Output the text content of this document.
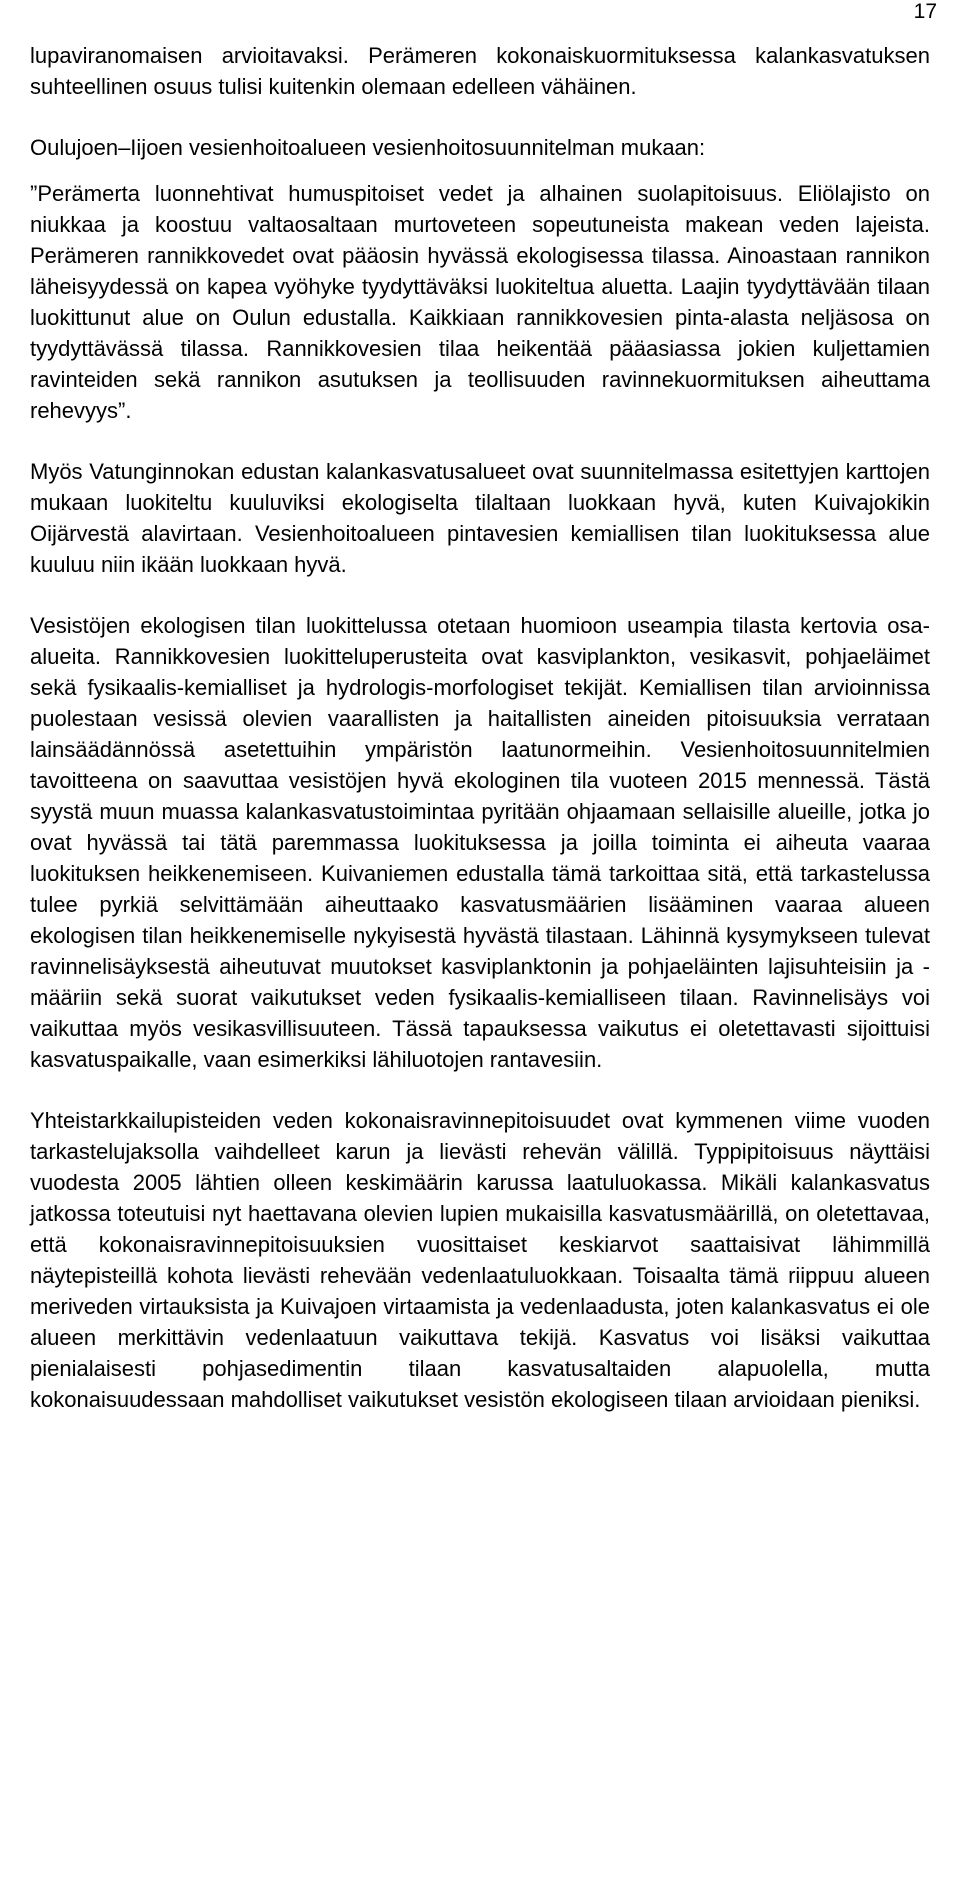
17

lupaviranomaisen arvioitavaksi. Perämeren kokonaiskuormituksessa kalankasvatuksen suhteellinen osuus tulisi kuitenkin olemaan edelleen vähäinen.

Oulujoen–Iijoen vesienhoitoalueen vesienhoitosuunnitelman mukaan:

”Perämerta luonnehtivat humuspitoiset vedet ja alhainen suolapitoisuus. Eliölajisto on niukkaa ja koostuu valtaosaltaan murtoveteen sopeutuneista makean veden lajeista. Perämeren rannikkovedet ovat pääosin hyvässä ekologisessa tilassa. Ainoastaan rannikon läheisyydessä on kapea vyöhyke tyydyttäväksi luokiteltua aluetta. Laajin tyydyttävään tilaan luokittunut alue on Oulun edustalla. Kaikkiaan rannikkovesien pinta-alasta neljäsosa on tyydyttävässä tilassa. Rannikkovesien tilaa heikentää pääasiassa jokien kuljettamien ravinteiden sekä rannikon asutuksen ja teollisuuden ravinnekuormituksen aiheuttama rehevyys”.

Myös Vatunginnokan edustan kalankasvatusalueet ovat suunnitelmassa esitettyjen karttojen mukaan luokiteltu kuuluviksi ekologiselta tilaltaan luokkaan hyvä, kuten Kuivajokikin Oijärvestä alavirtaan. Vesienhoitoalueen pintavesien kemiallisen tilan luokituksessa alue kuuluu niin ikään luokkaan hyvä.

Vesistöjen ekologisen tilan luokittelussa otetaan huomioon useampia tilasta kertovia osa-alueita. Rannikkovesien luokitteluperusteita ovat kasviplankton, vesikasvit, pohjaeläimet sekä fysikaalis-kemialliset ja hydrologis-morfologiset tekijät. Kemiallisen tilan arvioinnissa puolestaan vesissä olevien vaarallisten ja haitallisten aineiden pitoisuuksia verrataan lainsäädännössä asetettuihin ympäristön laatunormeihin. Vesienhoitosuunnitelmien tavoitteena on saavuttaa vesistöjen hyvä ekologinen tila vuoteen 2015 mennessä. Tästä syystä muun muassa kalankasvatustoimintaa pyritään ohjaamaan sellaisille alueille, jotka jo ovat hyvässä tai tätä paremmassa luokituksessa ja joilla toiminta ei aiheuta vaaraa luokituksen heikkenemiseen. Kuivaniemen edustalla tämä tarkoittaa sitä, että tarkastelussa tulee pyrkiä selvittämään aiheuttaako kasvatusmäärien lisääminen vaaraa alueen ekologisen tilan heikkenemiselle nykyisestä hyvästä tilastaan. Lähinnä kysymykseen tulevat ravinnelisäyksestä aiheutuvat muutokset kasviplanktonin ja pohjaeläinten lajisuhteisiin ja -määriin sekä suorat vaikutukset veden fysikaalis-kemialliseen tilaan. Ravinnelisäys voi vaikuttaa myös vesikasvillisuuteen. Tässä tapauksessa vaikutus ei oletettavasti sijoittuisi kasvatuspaikalle, vaan esimerkiksi lähiluotojen rantavesiin.

Yhteistarkkailupisteiden veden kokonaisravinnepitoisuudet ovat kymmenen viime vuoden tarkastelujaksolla vaihdelleet karun ja lievästi rehevän välillä. Typpipitoisuus näyttäisi vuodesta 2005 lähtien olleen keskimäärin karussa laatuluokassa. Mikäli kalankasvatus jatkossa toteutuisi nyt haettavana olevien lupien mukaisilla kasvatusmäärillä, on oletettavaa, että kokonaisravinnepitoisuuksien vuosittaiset keskiarvot saattaisivat lähimmillä näytepisteillä kohota lievästi rehevään vedenlaatuluokkaan. Toisaalta tämä riippuu alueen meriveden virtauksista ja Kuivajoen virtaamista ja vedenlaadusta, joten kalankasvatus ei ole alueen merkittävin vedenlaatuun vaikuttava tekijä. Kasvatus voi lisäksi vaikuttaa pienialaisesti pohjasedimentin tilaan kasvatusaltaiden alapuolella, mutta kokonaisuudessaan mahdolliset vaikutukset vesistön ekologiseen tilaan arvioidaan pieniksi.
